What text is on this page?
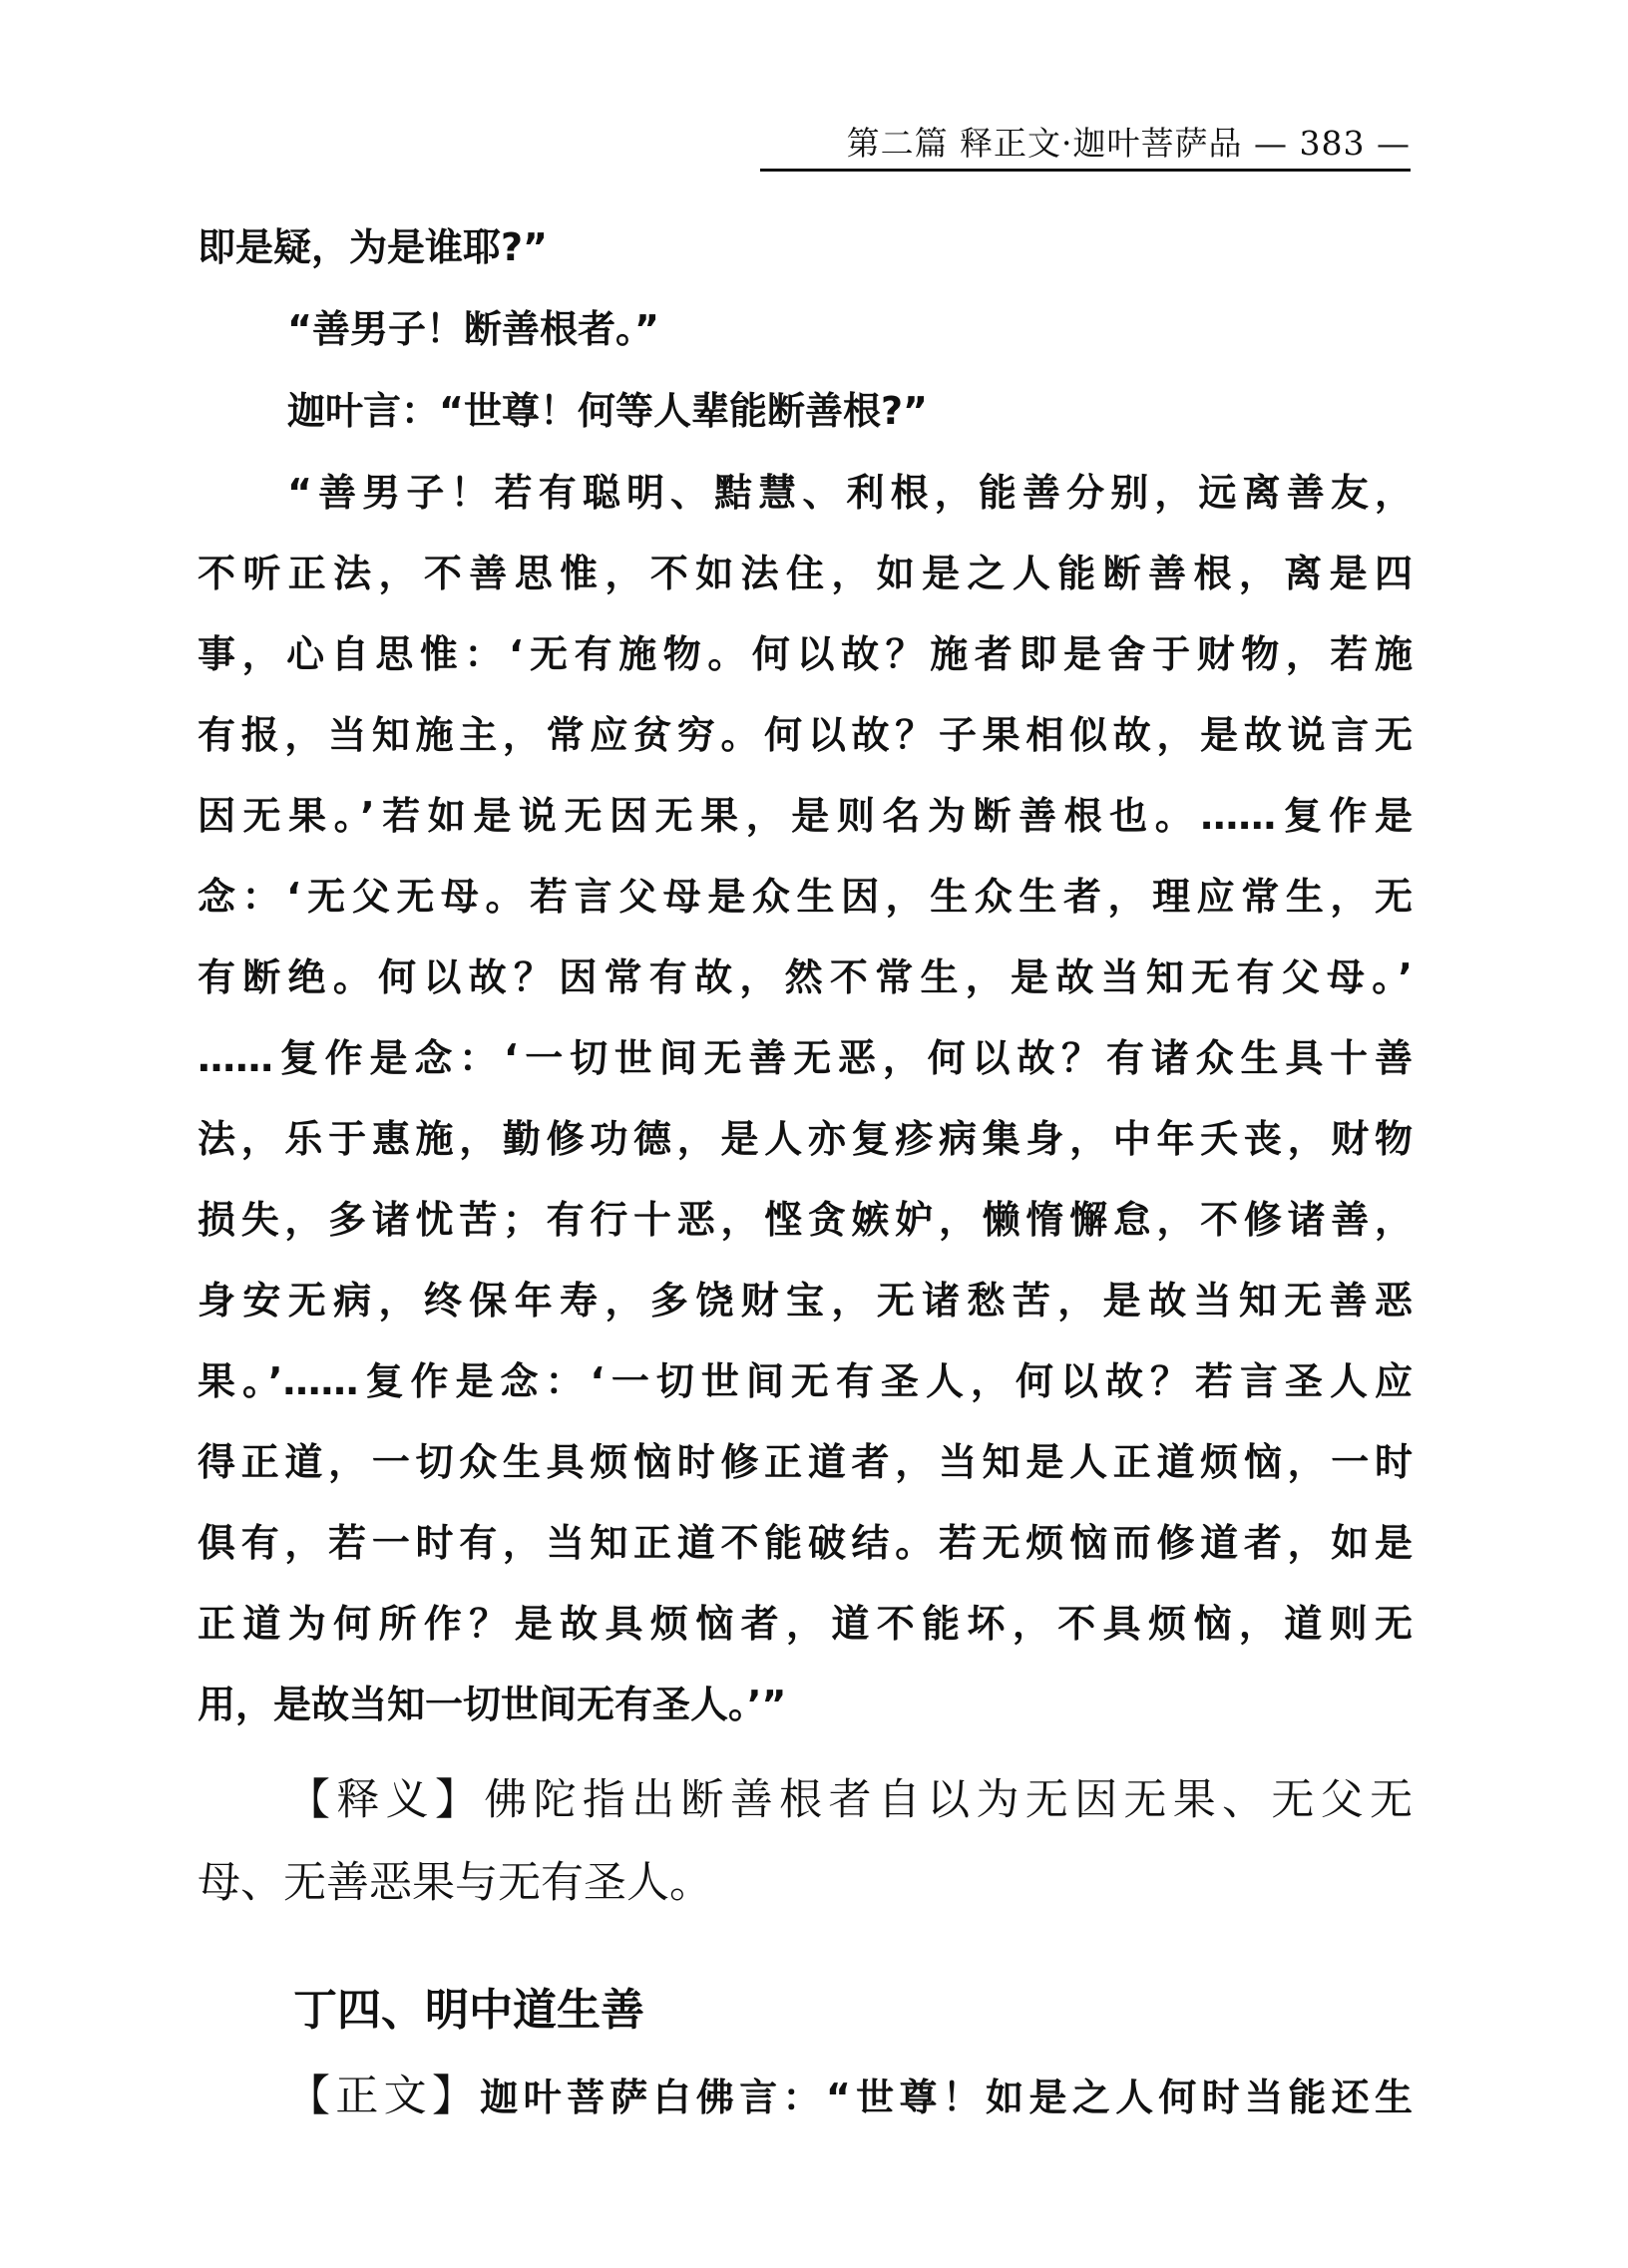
第二篇 释正文·迦叶菩萨品 — 383 —
即是疑，为是谁耶?”
“善男子！断善根者。”
迦叶言：“世尊！何等人辈能断善根?”
“善男子！若有聪明、黠慧、利根，能善分别，远离善友，
不听正法，不善思惟，不如法住，如是之人能断善根，离是四
事，心自思惟：‘无有施物。何以故？施者即是舍于财物，若施
有报，当知施主，常应贫穷。何以故？子果相似故，是故说言无
因无果。’若如是说无因无果，是则名为断善根也。……复作是
念：‘无父无母。若言父母是众生因，生众生者，理应常生，无
有断绝。何以故？因常有故，然不常生，是故当知无有父母。’
……复作是念：‘一切世间无善无恶，何以故？有诸众生具十善
法，乐于惠施，勤修功德，是人亦复疹病集身，中年夭丧，财物
损失，多诸忧苦；有行十恶，悭贪嫉妒，懒惰懈怠，不修诸善，
身安无病，终保年寿，多饶财宝，无诸愁苦，是故当知无善恶
果。’……复作是念：‘一切世间无有圣人，何以故？若言圣人应
得正道，一切众生具烦恼时修正道者，当知是人正道烦恼，一时
俱有，若一时有，当知正道不能破结。若无烦恼而修道者，如是
正道为何所作？是故具烦恼者，道不能坏，不具烦恼，道则无
用，是故当知一切世间无有圣人。’”
【释义】佛陀指出断善根者自以为无因无果、无父无
母、无善恶果与无有圣人。
丁四、明中道生善
【正文】迦叶菩萨白佛言：“世尊！如是之人何时当能还生
